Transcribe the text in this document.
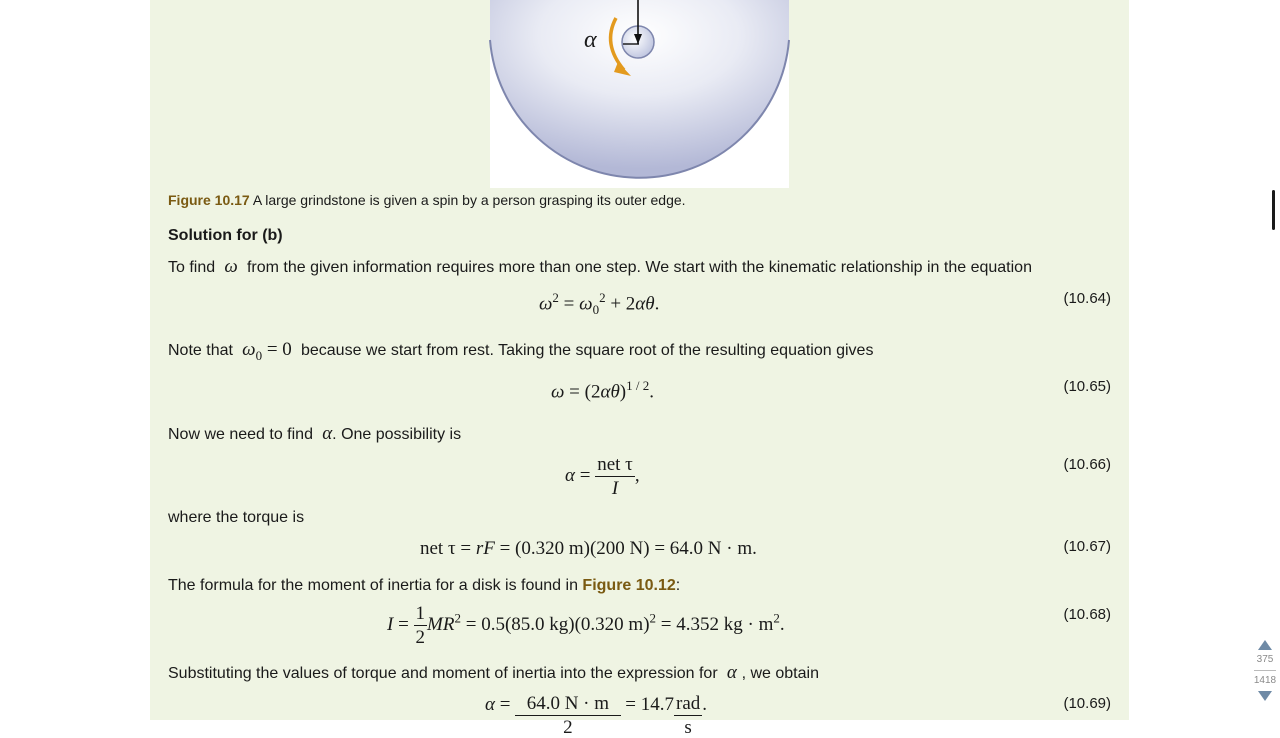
α
Figure 10.17 A large grindstone is given a spin by a person grasping its outer edge.
Solution for (b)
To find  ω  from the given information requires more than one step. We start with the kinematic relationship in the equation
$\omega^2 = \omega_0^2 + 2\alpha\theta$.	(10.64)
Note that  $\omega_0 = 0$ because we start from rest. Taking the square root of the resulting equation gives
$\omega = (2\alpha\theta)^{1 / 2}$.	(10.65)
Now we need to find  α. One possibility is
$\alpha = \frac{\text{net τ}}{I}$ ,
(10.66)
where the torque is
net τ = rF = (0.320 m)(200 N) = 64.0 N · m.	(10.67)
The formula for the moment of inertia for a disk is found in Figure 10.12:
$I = \frac{1}{2} MR^2 = 0.5(85.0$ kg)(0.320 m)$^2$ = 4.352 kg · $m^2$.	(10.68)
Substituting the values of torque and moment of inertia into the expression for  α , we obtain
$\alpha = \frac{64.0 N \cdot m}{2} = 14.7 \frac{\text{rad}}{s}$ .	(10.69)
375
1418
